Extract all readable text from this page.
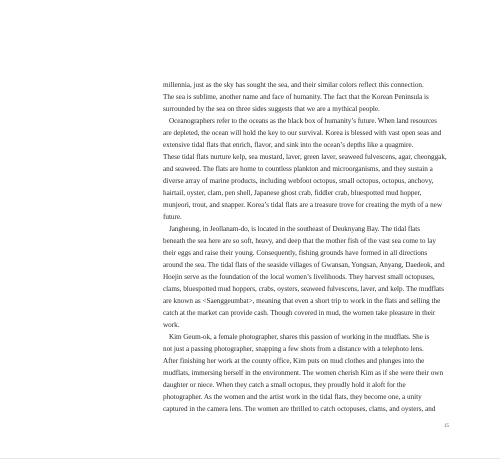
millennia, just as the sky has sought the sea, and their similar colors reflect this connection.
The sea is sublime, another name and face of humanity. The fact that the Korean Peninsula is
surrounded by the sea on three sides suggests that we are a mythical people.
Oceanographers refer to the oceans as the black box of humanity’s future. When land resources
are depleted, the ocean will hold the key to our survival. Korea is blessed with vast open seas and
extensive tidal flats that enrich, flavor, and sink into the ocean’s depths like a quagmire.
These tidal flats nurture kelp, sea mustard, laver, green laver, seaweed fulvescens, agar, cheonggak,
and seaweed. The flats are home to countless plankton and microorganisms, and they sustain a
diverse array of marine products, including webfoot octopus, small octopus, octopus, anchovy,
hairtail, oyster, clam, pen shell, Japanese ghost crab, fiddler crab, bluespotted mud hopper,
munjeori, trout, and snapper. Korea’s tidal flats are a treasure trove for creating the myth of a new
future.
Jangheung, in Jeollanam-do, is located in the southeast of Deuknyang Bay. The tidal flats
beneath the sea here are so soft, heavy, and deep that the mother fish of the vast sea come to lay
their eggs and raise their young. Consequently, fishing grounds have formed in all directions
around the sea. The tidal flats of the seaside villages of Gwansan, Yongsan, Anyang, Daedeok, and
Hoejin serve as the foundation of the local women’s livelihoods. They harvest small octopuses,
clams, bluespotted mud hoppers, crabs, oysters, seaweed fulvescens, laver, and kelp. The mudflats
are known as <Saenggeumbat>, meaning that even a short trip to work in the flats and selling the
catch at the market can provide cash. Though covered in mud, the women take pleasure in their
work.
Kim Geum-ok, a female photographer, shares this passion of working in the mudflats. She is
not just a passing photographer, snapping a few shots from a distance with a telephoto lens.
After finishing her work at the county office, Kim puts on mud clothes and plunges into the
mudflats, immersing herself in the environment. The women cherish Kim as if she were their own
daughter or niece. When they catch a small octopus, they proudly hold it aloft for the
photographer. As the women and the artist work in the tidal flats, they become one, a unity
captured in the camera lens. The women are thrilled to catch octopuses, clams, and oysters, and
15
